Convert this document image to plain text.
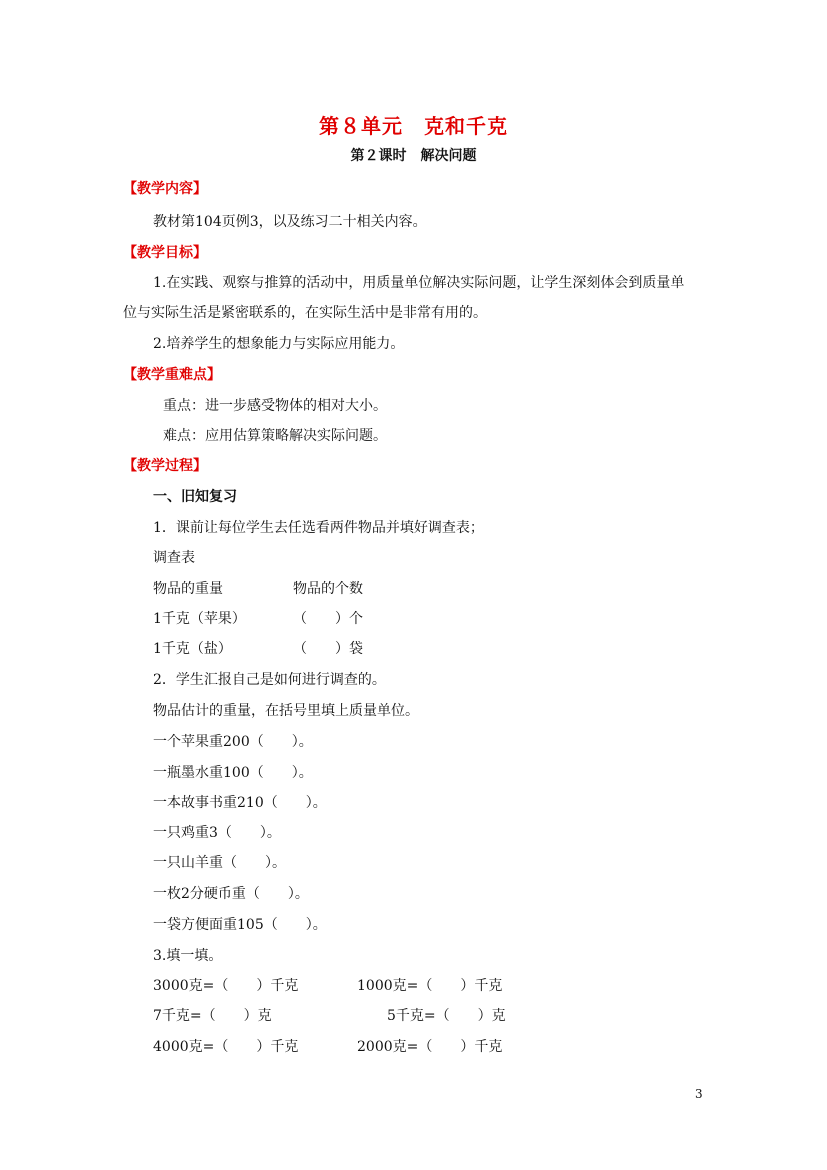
第８单元　克和千克
第２课时　解决问题
【教学内容】
教材第104页例3，以及练习二十相关内容。
【教学目标】
1.在实践、观察与推算的活动中，用质量单位解决实际问题，让学生深刻体会到质量单
位与实际生活是紧密联系的，在实际生活中是非常有用的。
2.培养学生的想象能力与实际应用能力。
【教学重难点】
重点：进一步感受物体的相对大小。
难点：应用估算策略解决实际问题。
【教学过程】
一、旧知复习
1．课前让每位学生去任选看两件物品并填好调查表；
调查表
物品的重量	物品的个数
1千克（苹果）	（　　）个
1千克（盐）	（　　）袋
2．学生汇报自己是如何进行调查的。
物品估计的重量，在括号里填上质量单位。
一个苹果重200（　　）。
一瓶墨水重100（　　）。
一本故事书重210（　　）。
一只鸡重3（　　）。
一只山羊重（　　）。
一枚2分硬币重（　　）。
一袋方便面重105（　　）。
3.填一填。
3000克=（　　）千克	1000克=（　　）千克
7千克=（　　）克	5千克=（　　）克
4000克=（　　）千克	2000克=（　　）千克
3
